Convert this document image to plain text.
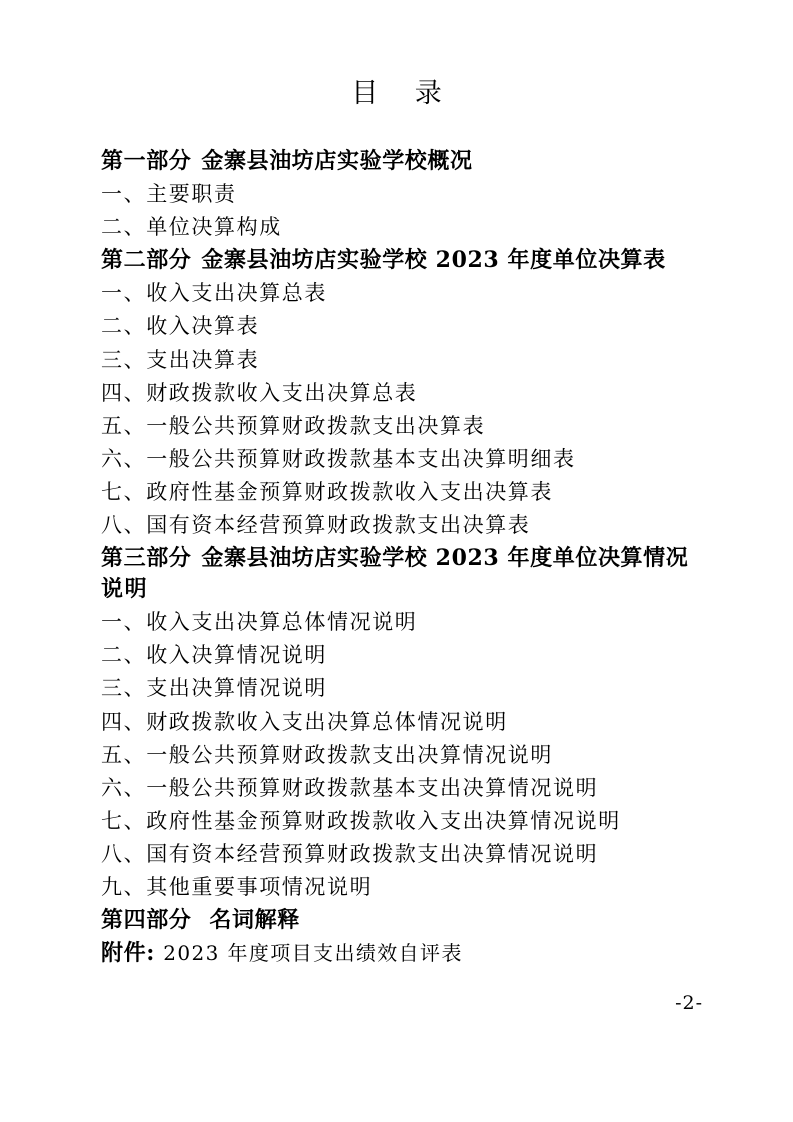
目 录
第一部分 金寨县油坊店实验学校概况
一、主要职责
二、单位决算构成
第二部分 金寨县油坊店实验学校 2023 年度单位决算表
一、收入支出决算总表
二、收入决算表
三、支出决算表
四、财政拨款收入支出决算总表
五、一般公共预算财政拨款支出决算表
六、一般公共预算财政拨款基本支出决算明细表
七、政府性基金预算财政拨款收入支出决算表
八、国有资本经营预算财政拨款支出决算表
第三部分 金寨县油坊店实验学校 2023 年度单位决算情况
说明
一、收入支出决算总体情况说明
二、收入决算情况说明
三、支出决算情况说明
四、财政拨款收入支出决算总体情况说明
五、一般公共预算财政拨款支出决算情况说明
六、一般公共预算财政拨款基本支出决算情况说明
七、政府性基金预算财政拨款收入支出决算情况说明
八、国有资本经营预算财政拨款支出决算情况说明
九、其他重要事项情况说明
第四部分 名词解释
附件: 2023 年度项目支出绩效自评表
-2-
